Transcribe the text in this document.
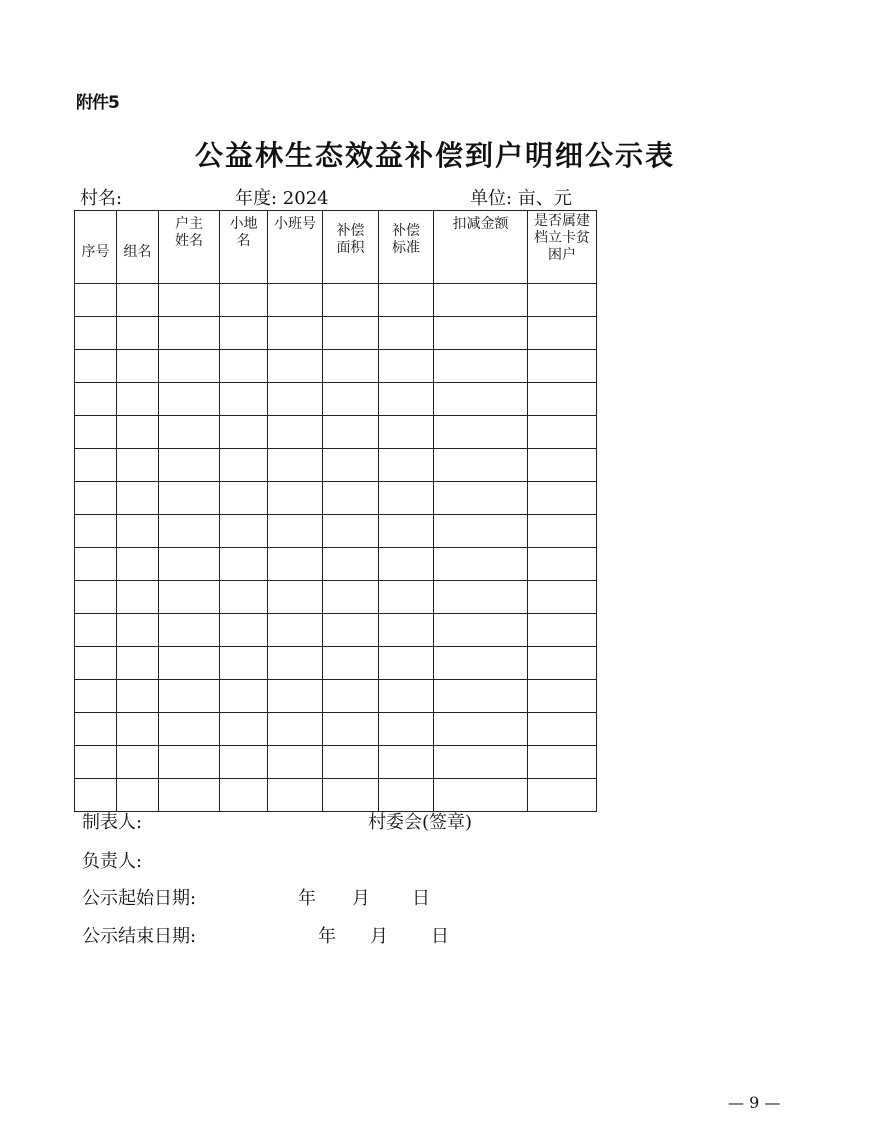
附件5
公益林生态效益补偿到户明细公示表
村名:	年度: 2024	单位: 亩、元
序号	组名	户主姓名	小地名	小班号	补偿面积	补偿标准	扣减金额	是否属建档立卡贫困户

制表人:	村委会(签章)
负责人:
公示起始日期:	年 月 日
公示结束日期:	年 月 日
— 9 —
